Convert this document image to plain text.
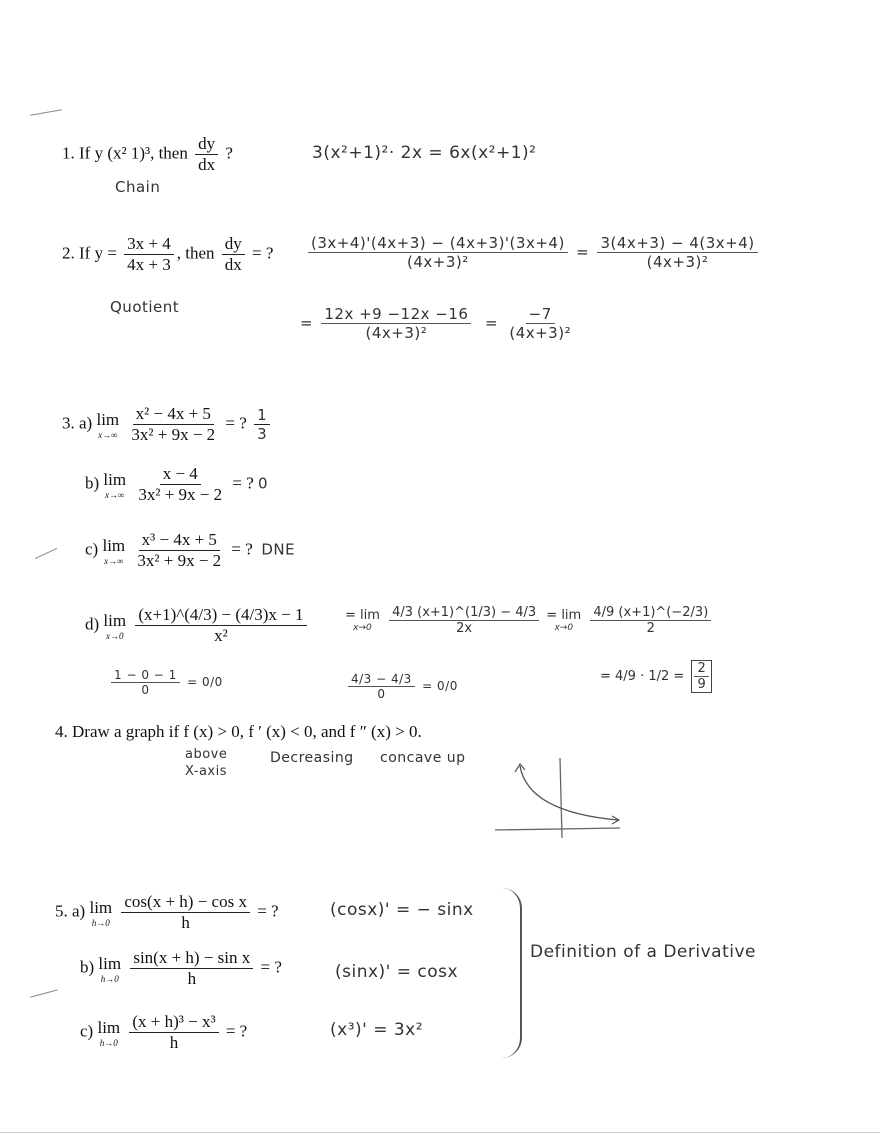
1. If y (x² 1)³, then $\frac{dy}{dx}$ ?	3(x²+1)²· 2x = 6x(x²+1)²
Chain
2. If $y = \frac{3x + 4}{4x + 3}$ , then $\frac{dy}{dx}$ = ? $\frac{(3x+4)'(4x+3) - (4x+3)'(3x+4)}{\text{(4x+3)²}} = \frac{3(4x+3) - 4(3x+4)}{\text{(4x+3)²}}$
Quotient
= $\frac{12x +9 -12x -16}{\text{(4x+3)²}} = \frac{-7}{\text{(4x+3)²}}$
3. a) lim
x→∞
$\frac{\text{x² − 4x + 5}}{\text{3x² + 9x − 2}}$ = ? $\frac{1}{3}$
b) lim
x→∞
$\frac{x - 4}{\text{3x² + 9x − 2}}$ = ? 0
c) lim
x→∞
$\frac{\text{x³ − 4x + 5}}{\text{3x² + 9x − 2}}$ = ? DNE
d) lim
x→0
$\frac{(x+1)\^{}(4/3) - (4/3)x - 1}{\text{x²}}$	= lim
x→0
$\frac{4/3 (x+1)\^{}(1/3) - 4/3}{2x}$
= lim
x→0
$\frac{4/9 (x+1)\^{}(-2/3)}{2}$
= $4/9 \cdot 1/2 = \frac{2}{9}$
$\frac{1 - 0 - 1}{0} = 0/0$	$\frac{4/3 - 4/3}{0} = 0/0$
4. Draw a graph if f (x) > 0, f ′ (x) < 0, and f ″ (x) > 0.
above
X-axis
Decreasing concave up
5. a) lim
h→0
$\frac{\text{cos(x + h) − cos x}}{h}$ = ?	(cosx)' = − sinx
b) lim
h→0
$\frac{\text{sin(x + h) − sin x}}{h}$ = ?	(sinx)' = cosx
c) lim
h→0
$\frac{\text{(x + h)³ − x³}}{h}$ = ?	(x³)' = 3x²
Definition of a Derivative
